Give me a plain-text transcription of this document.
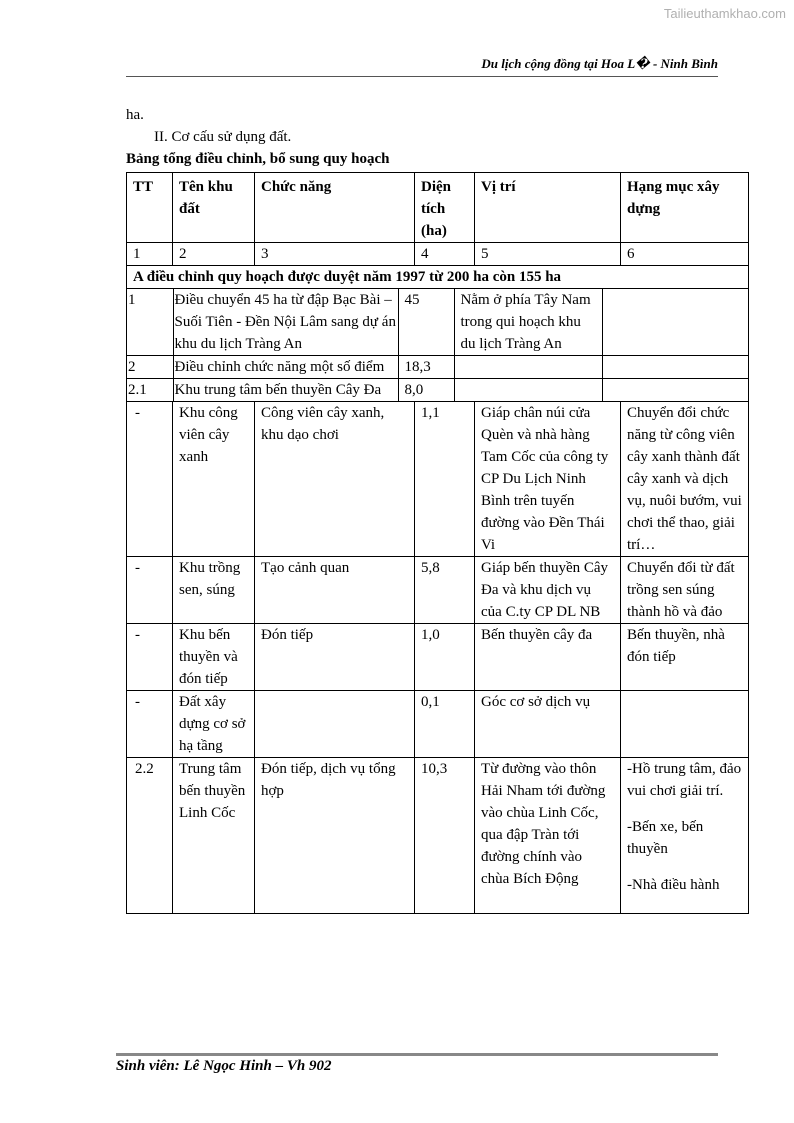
Tailieuthamkhao.com
Du lịch cộng đồng tại Hoa L� - Ninh Bình
ha.
II. Cơ cấu sử dụng đất.
Bảng tổng điều chỉnh, bổ sung quy hoạch
TT	Tên khu đất	Chức năng	Diện tích (ha)	Vị trí	Hạng mục xây dựng
1	2	3	4	5	6
A điều chỉnh quy hoạch được duyệt năm 1997 từ 200 ha còn 155 ha

1	Điều chuyển 45 ha từ đập Bạc Bài – Suối Tiên - Đền Nội Lâm sang dự án khu du lịch Tràng An	45	Nằm ở phía Tây Nam trong qui hoạch khu du lịch Tràng An	

2	Điều chỉnh chức năng một số điểm	18,3		

2.1	Khu trung tâm bến thuyền Cây Đa	8,0		

-	Khu công viên cây xanh	Công viên cây xanh, khu dạo chơi	1,1	Giáp chân núi cửa Quèn và nhà hàng Tam Cốc của công ty CP Du Lịch Ninh Bình trên tuyến đường vào Đền Thái Vi	Chuyển đổi chức năng từ công viên cây xanh thành đất cây xanh và dịch vụ, nuôi bướm, vui chơi thể thao, giải trí…
-	Khu trồng sen, súng	Tạo cảnh quan	5,8	Giáp bến thuyền Cây Đa và khu dịch vụ của C.ty CP DL NB	Chuyển đổi từ đất trồng sen súng thành hồ và đảo
-	Khu bến thuyền và đón tiếp	Đón tiếp	1,0	Bến thuyền cây đa	Bến thuyền, nhà đón tiếp
-	Đất xây dựng cơ sở hạ tầng		0,1	Góc cơ sở dịch vụ	
2.2	Trung tâm bến thuyền Linh Cốc	Đón tiếp, dịch vụ tổng hợp	10,3	Từ đường vào thôn Hải Nham tới đường vào chùa Linh Cốc, qua đập Tràn tới đường chính vào chùa Bích Động	
-Hồ trung tâm, đảo vui chơi giải trí.
-Bến xe, bến thuyền
-Nhà điều hành
Sinh viên: Lê Ngọc Hinh – Vh 902
